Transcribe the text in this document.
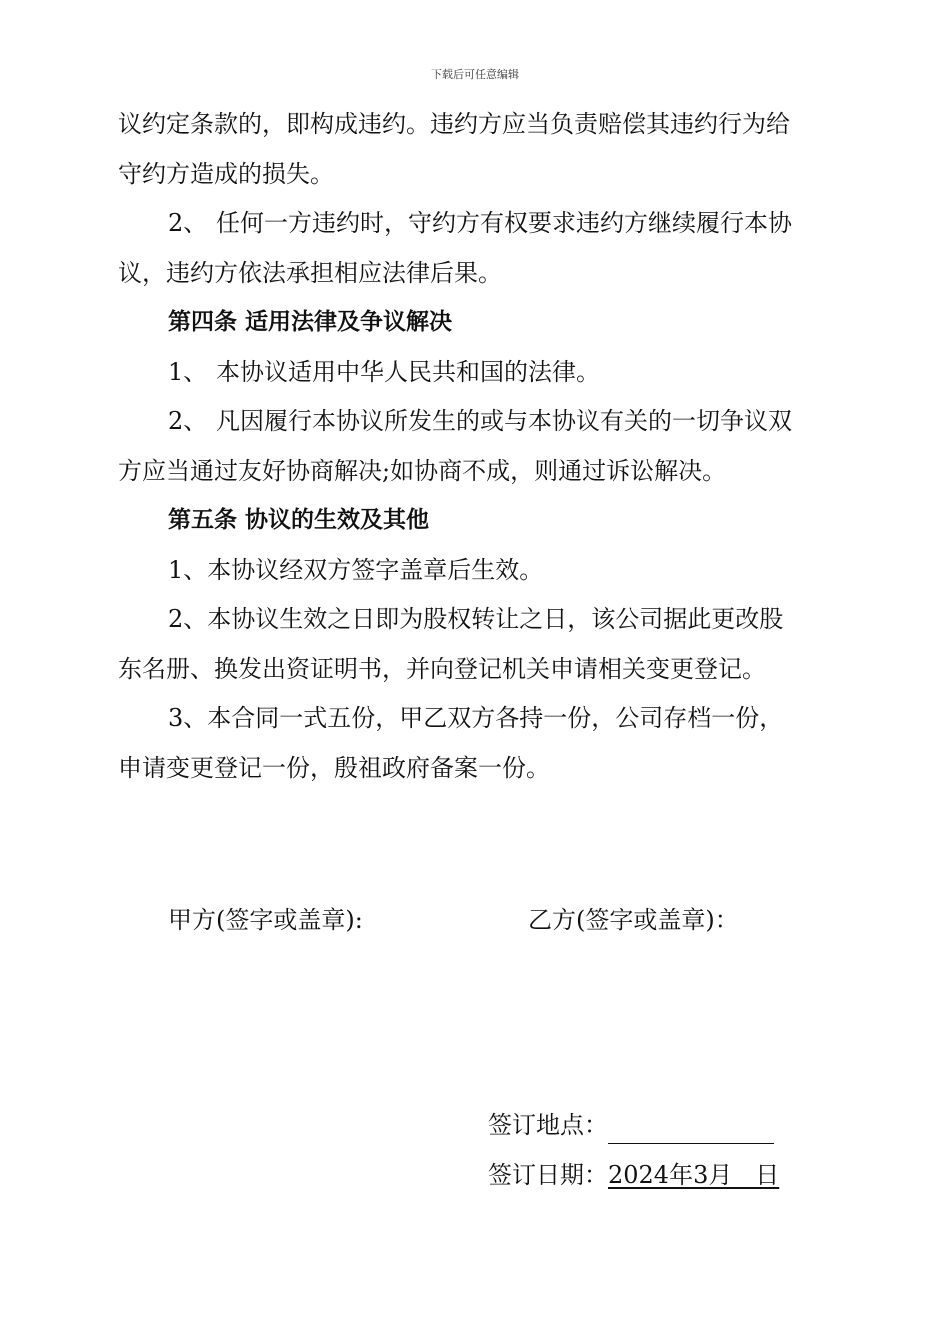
下载后可任意编辑
议约定条款的，即构成违约。违约方应当负责赔偿其违约行为给
守约方造成的损失。
2、 任何一方违约时，守约方有权要求违约方继续履行本协
议，违约方依法承担相应法律后果。
第四条 适用法律及争议解决
1、 本协议适用中华人民共和国的法律。
2、 凡因履行本协议所发生的或与本协议有关的一切争议双
方应当通过友好协商解决;如协商不成，则通过诉讼解决。
第五条 协议的生效及其他
1、本协议经双方签字盖章后生效。
2、本协议生效之日即为股权转让之日，该公司据此更改股
东名册、换发出资证明书，并向登记机关申请相关变更登记。
3、本合同一式五份，甲乙双方各持一份，公司存档一份，
申请变更登记一份，殷祖政府备案一份。
甲方(签字或盖章):	乙方(签字或盖章)：
签订地点：
签订日期：2024年3月   日
